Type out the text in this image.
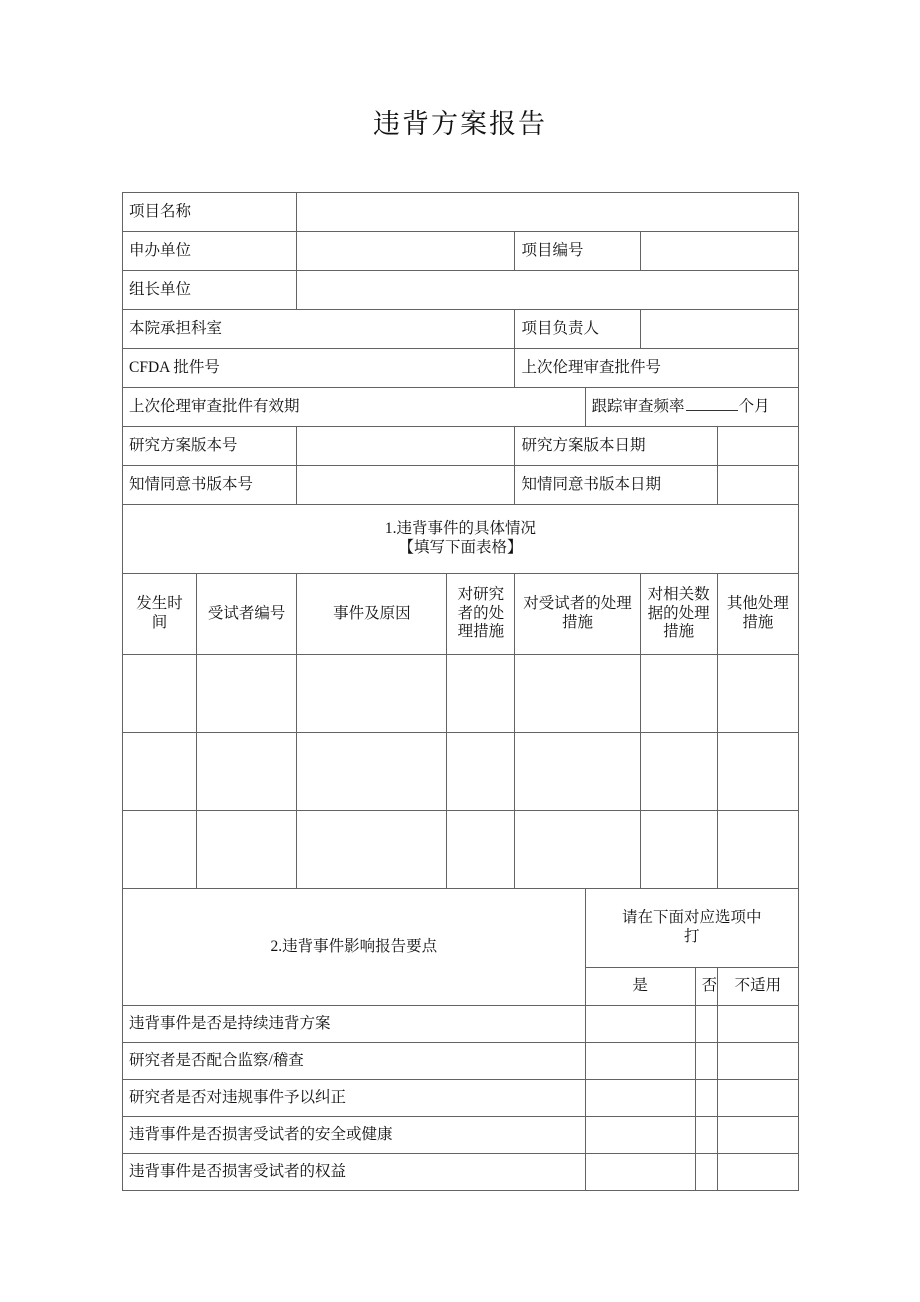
违背方案报告
项目名称								
申办单位				项目编号				
组长单位								
本院承担科室				项目负责人				
CFDA 批件号				上次伦理审查批件号				
上次伦理审查批件有效期					跟踪审查频率 个月			
研究方案版本号				研究方案版本日期				
知情同意书版本号				知情同意书版本日期				

1.违背事件的具体情况
【填写下面表格】								

发生时间	受试者编号	事件及原因	对研究者的处理措施	对受试者的处理措施		对相关数据的处理措施		其他处理措施

2.违背事件影响报告要点					请在下面对应选项中
打			

					是		否	不适用
违背事件是否是持续违背方案								
研究者是否配合监察/稽查								
研究者是否对违规事件予以纠正								
违背事件是否损害受试者的安全或健康								
违背事件是否损害受试者的权益								
